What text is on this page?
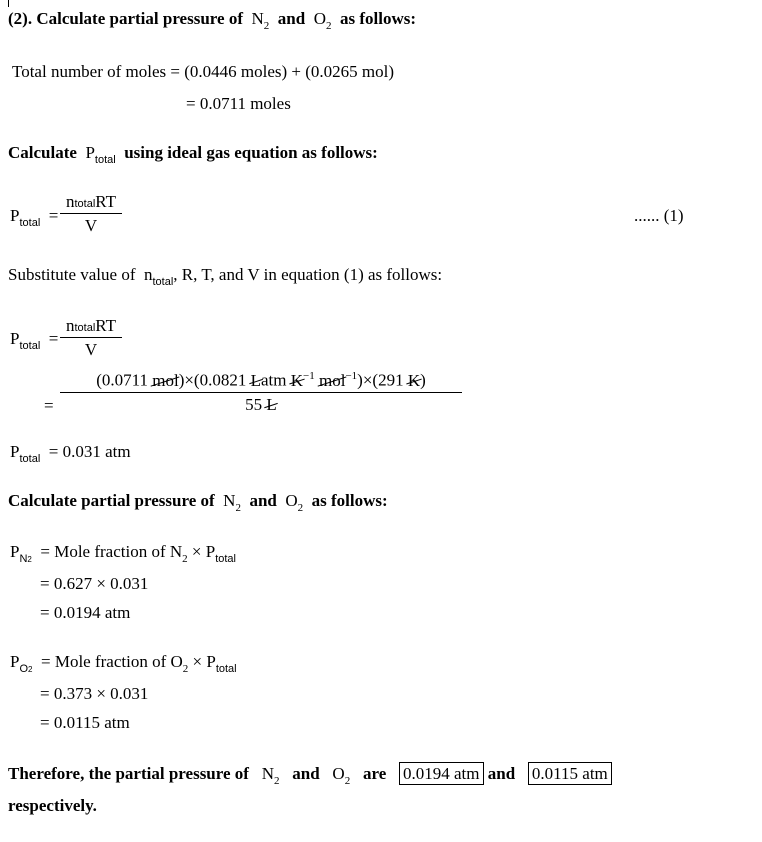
(2). Calculate partial pressure of $N_2$ and $O_2$ as follows:
Total number of moles = (0.0446 moles) + (0.0265 mol)
= 0.0711 moles
Calculate $P_{total}$ using ideal gas equation as follows:
$P_{total}$ =
ntotalRT
V
...... (1)
Substitute value of $n_{total}$, R, T, and V in equation (1) as follows:
$P_{total}$ =
ntotalRT
V
=
(0.0711 mol)×(0.0821 Latm $K^{-1}$ mol$^{-1}$)×(291 K)
55 L
$P_{total} = 0.031$ atm
Calculate partial pressure of $N_2$ and $O_2$ as follows:
$P_{N2}$ = Mole fraction of $N_2 \times P_{total}$
= 0.627 × 0.031
= 0.0194 atm
$P_{O2}$ = Mole fraction of $O_2 \times P_{total}$
= 0.373 × 0.031
= 0.0115 atm
Therefore, the partial pressure of $N_2$ and $O_2$ are 0.0194 atm and 0.0115 atm
respectively.
